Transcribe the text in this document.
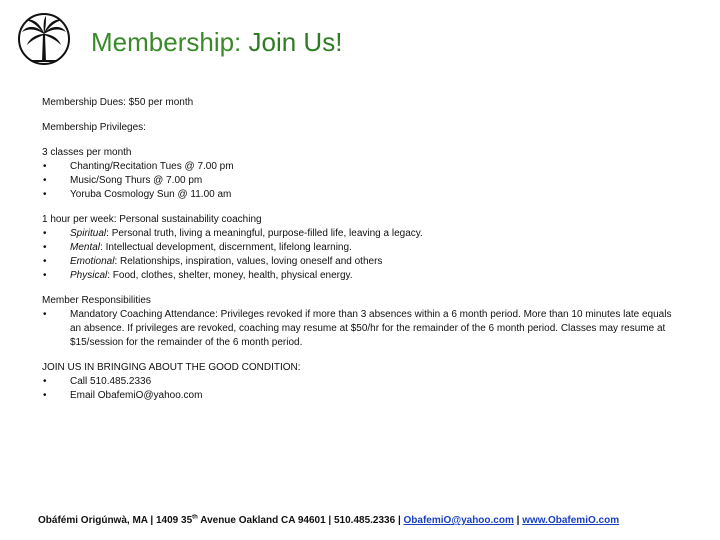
Membership: Join Us!

Membership Dues: $50 per month

Membership Privileges:

3 classes per month

• Chanting/Recitation Tues @ 7.00 pm
• Music/Song Thurs @ 7.00 pm
• Yoruba Cosmology Sun @ 11.00 am

1 hour per week: Personal sustainability coaching

• Spiritual: Personal truth, living a meaningful, purpose-filled life, leaving a legacy.
• Mental: Intellectual development, discernment, lifelong learning.
• Emotional: Relationships, inspiration, values, loving oneself and others
• Physical: Food, clothes, shelter, money, health, physical energy.

Member Responsibilities

• Mandatory Coaching Attendance: Privileges revoked if more than 3 absences within a 6 month period. More than 10 minutes late equals an absence. If privileges are revoked, coaching may resume at $50/hr for the remainder of the 6 month period. Classes may resume at $15/session for the remainder of the 6 month period.

JOIN US IN BRINGING ABOUT THE GOOD CONDITION:

• Call 510.485.2336
• Email ObafemiO@yahoo.com
Obáfémi Origúnwà, MA | 1409 35th Avenue Oakland CA 94601 | 510.485.2336 | ObafemiO@yahoo.com | www.ObafemiO.com
